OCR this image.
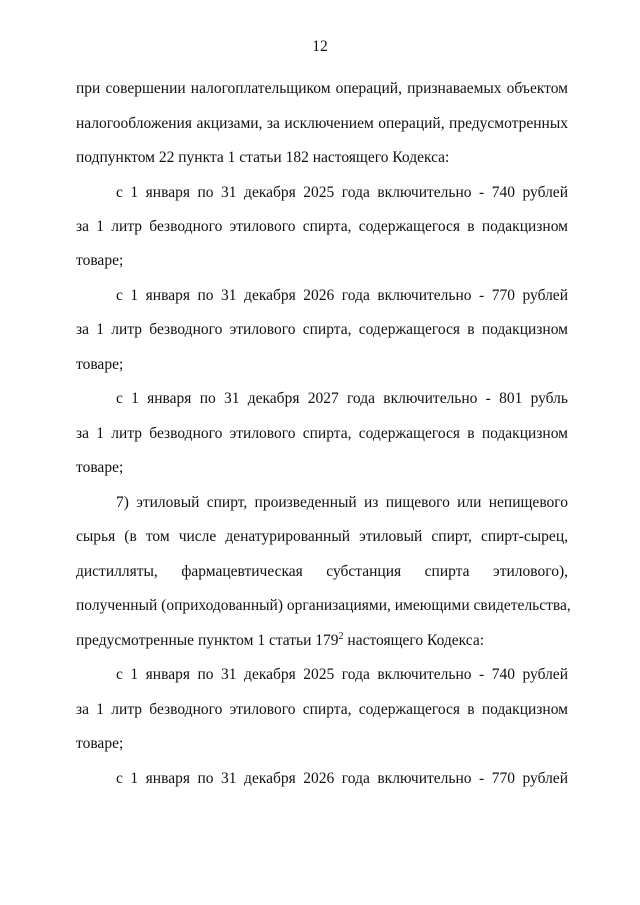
12
при совершении налогоплательщиком операций, признаваемых объектом
налогообложения акцизами, за исключением операций, предусмотренных
подпунктом 22 пункта 1 статьи 182 настоящего Кодекса:
с 1 января по 31 декабря 2025 года включительно - 740 рублей
за 1 литр безводного этилового спирта, содержащегося в подакцизном
товаре;
с 1 января по 31 декабря 2026 года включительно - 770 рублей
за 1 литр безводного этилового спирта, содержащегося в подакцизном
товаре;
с 1 января по 31 декабря 2027 года включительно - 801 рубль
за 1 литр безводного этилового спирта, содержащегося в подакцизном
товаре;
7) этиловый спирт, произведенный из пищевого или непищевого
сырья (в том числе денатурированный этиловый спирт, спирт-сырец,
дистилляты, фармацевтическая субстанция спирта этилового),
полученный (оприходованный) организациями, имеющими свидетельства,
предусмотренные пунктом 1 статьи $179^2$ настоящего Кодекса:
с 1 января по 31 декабря 2025 года включительно - 740 рублей
за 1 литр безводного этилового спирта, содержащегося в подакцизном
товаре;
с 1 января по 31 декабря 2026 года включительно - 770 рублей
